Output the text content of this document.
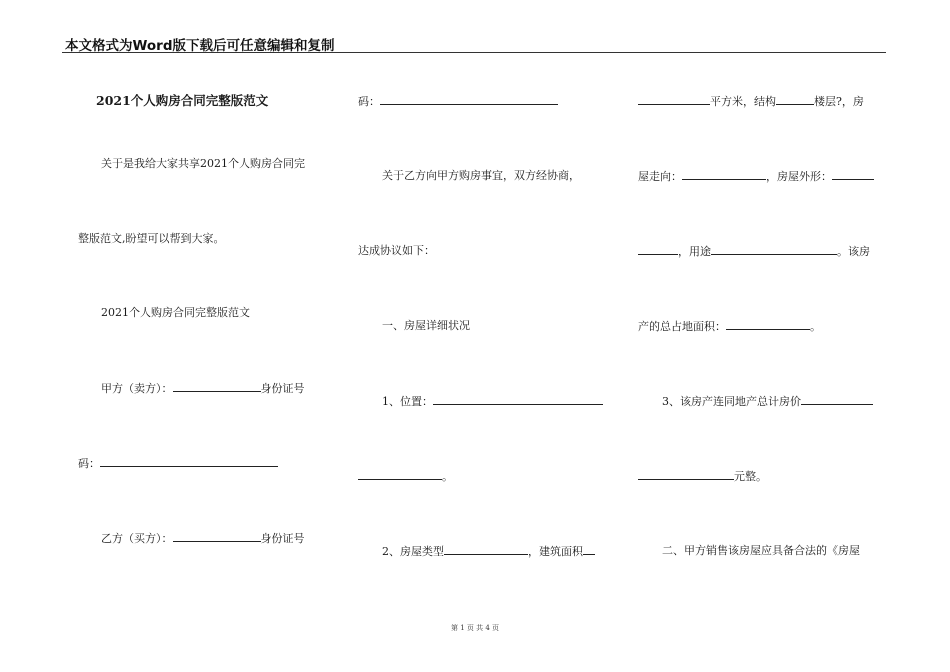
本文格式为Word版下载后可任意编辑和复制
2021个人购房合同完整版范文
关于是我给大家共享2021个人购房合同完
整版范文,盼望可以帮到大家。
2021个人购房合同完整版范文
甲方（卖方）：	身份证号
码：
乙方（买方）：	身份证号
码：
关于乙方向甲方购房事宜，双方经协商，
达成协议如下：
一、房屋详细状况
1、位置：
。
2、房屋类型	，建筑面积
平方米，结构	楼层?，房
屋走向：	，房屋外形：
，用途	。该房
产的总占地面积：	。
3、该房产连同地产总计房价
元整。
二、甲方销售该房屋应具备合法的《房屋
第 1 页 共 4 页
